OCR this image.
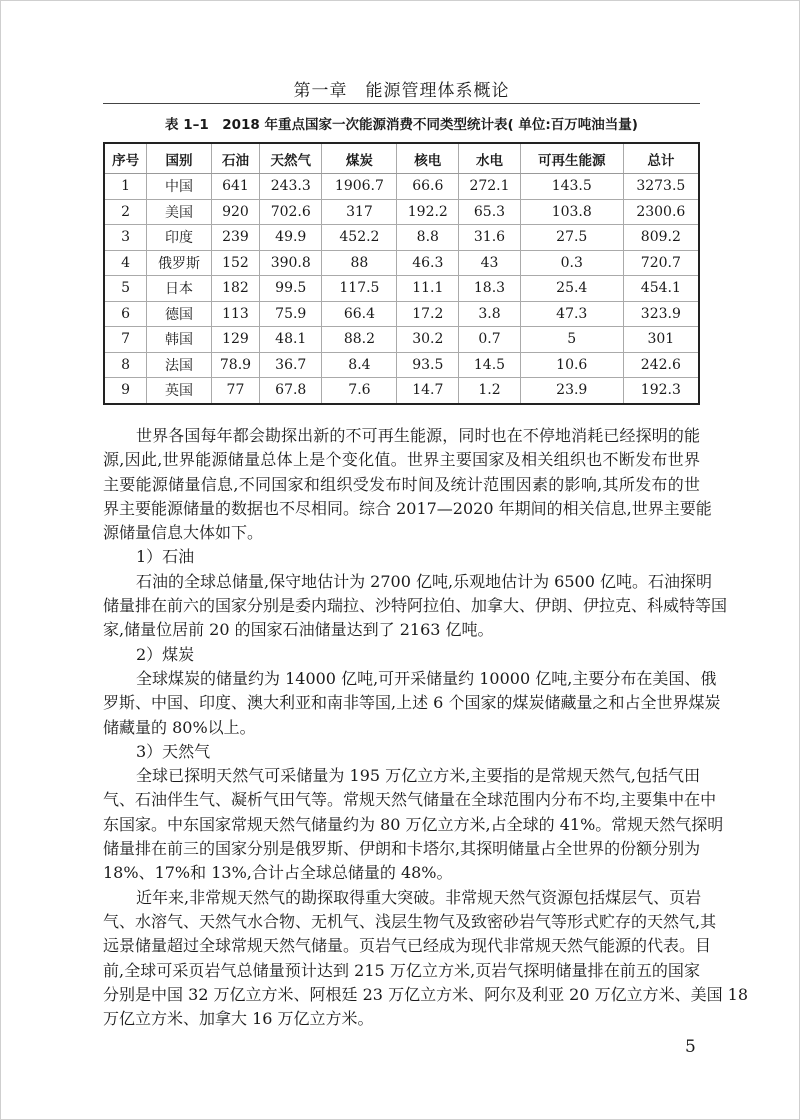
第一章　能源管理体系概论
表 1–1　2018 年重点国家一次能源消费不同类型统计表( 单位:百万吨油当量)
序号	国别	石油	天然气	煤炭	核电	水电	可再生能源	总计
1	中国	641	243.3	1906.7	66.6	272.1	143.5	3273.5
2	美国	920	702.6	317	192.2	65.3	103.8	2300.6
3	印度	239	49.9	452.2	8.8	31.6	27.5	809.2
4	俄罗斯	152	390.8	88	46.3	43	0.3	720.7
5	日本	182	99.5	117.5	11.1	18.3	25.4	454.1
6	德国	113	75.9	66.4	17.2	3.8	47.3	323.9
7	韩国	129	48.1	88.2	30.2	0.7	5	301
8	法国	78.9	36.7	8.4	93.5	14.5	10.6	242.6
9	英国	77	67.8	7.6	14.7	1.2	23.9	192.3
世界各国每年都会勘探出新的不可再生能源，同时也在不停地消耗已经探明的能
源,因此,世界能源储量总体上是个变化值。世界主要国家及相关组织也不断发布世界
主要能源储量信息,不同国家和组织受发布时间及统计范围因素的影响,其所发布的世
界主要能源储量的数据也不尽相同。综合 2017—2020 年期间的相关信息,世界主要能
源储量信息大体如下。
1）石油
石油的全球总储量,保守地估计为 2700 亿吨,乐观地估计为 6500 亿吨。石油探明
储量排在前六的国家分别是委内瑞拉、沙特阿拉伯、加拿大、伊朗、伊拉克、科威特等国
家,储量位居前 20 的国家石油储量达到了 2163 亿吨。
2）煤炭
全球煤炭的储量约为 14000 亿吨,可开采储量约 10000 亿吨,主要分布在美国、俄
罗斯、中国、印度、澳大利亚和南非等国,上述 6 个国家的煤炭储藏量之和占全世界煤炭
储藏量的 80%以上。
3）天然气
全球已探明天然气可采储量为 195 万亿立方米,主要指的是常规天然气,包括气田
气、石油伴生气、凝析气田气等。常规天然气储量在全球范围内分布不均,主要集中在中
东国家。中东国家常规天然气储量约为 80 万亿立方米,占全球的 41%。常规天然气探明
储量排在前三的国家分别是俄罗斯、伊朗和卡塔尔,其探明储量占全世界的份额分别为
18%、17%和 13%,合计占全球总储量的 48%。
近年来,非常规天然气的勘探取得重大突破。非常规天然气资源包括煤层气、页岩
气、水溶气、天然气水合物、无机气、浅层生物气及致密砂岩气等形式贮存的天然气,其
远景储量超过全球常规天然气储量。页岩气已经成为现代非常规天然气能源的代表。目
前,全球可采页岩气总储量预计达到 215 万亿立方米,页岩气探明储量排在前五的国家
分别是中国 32 万亿立方米、阿根廷 23 万亿立方米、阿尔及利亚 20 万亿立方米、美国 18
万亿立方米、加拿大 16 万亿立方米。
5
